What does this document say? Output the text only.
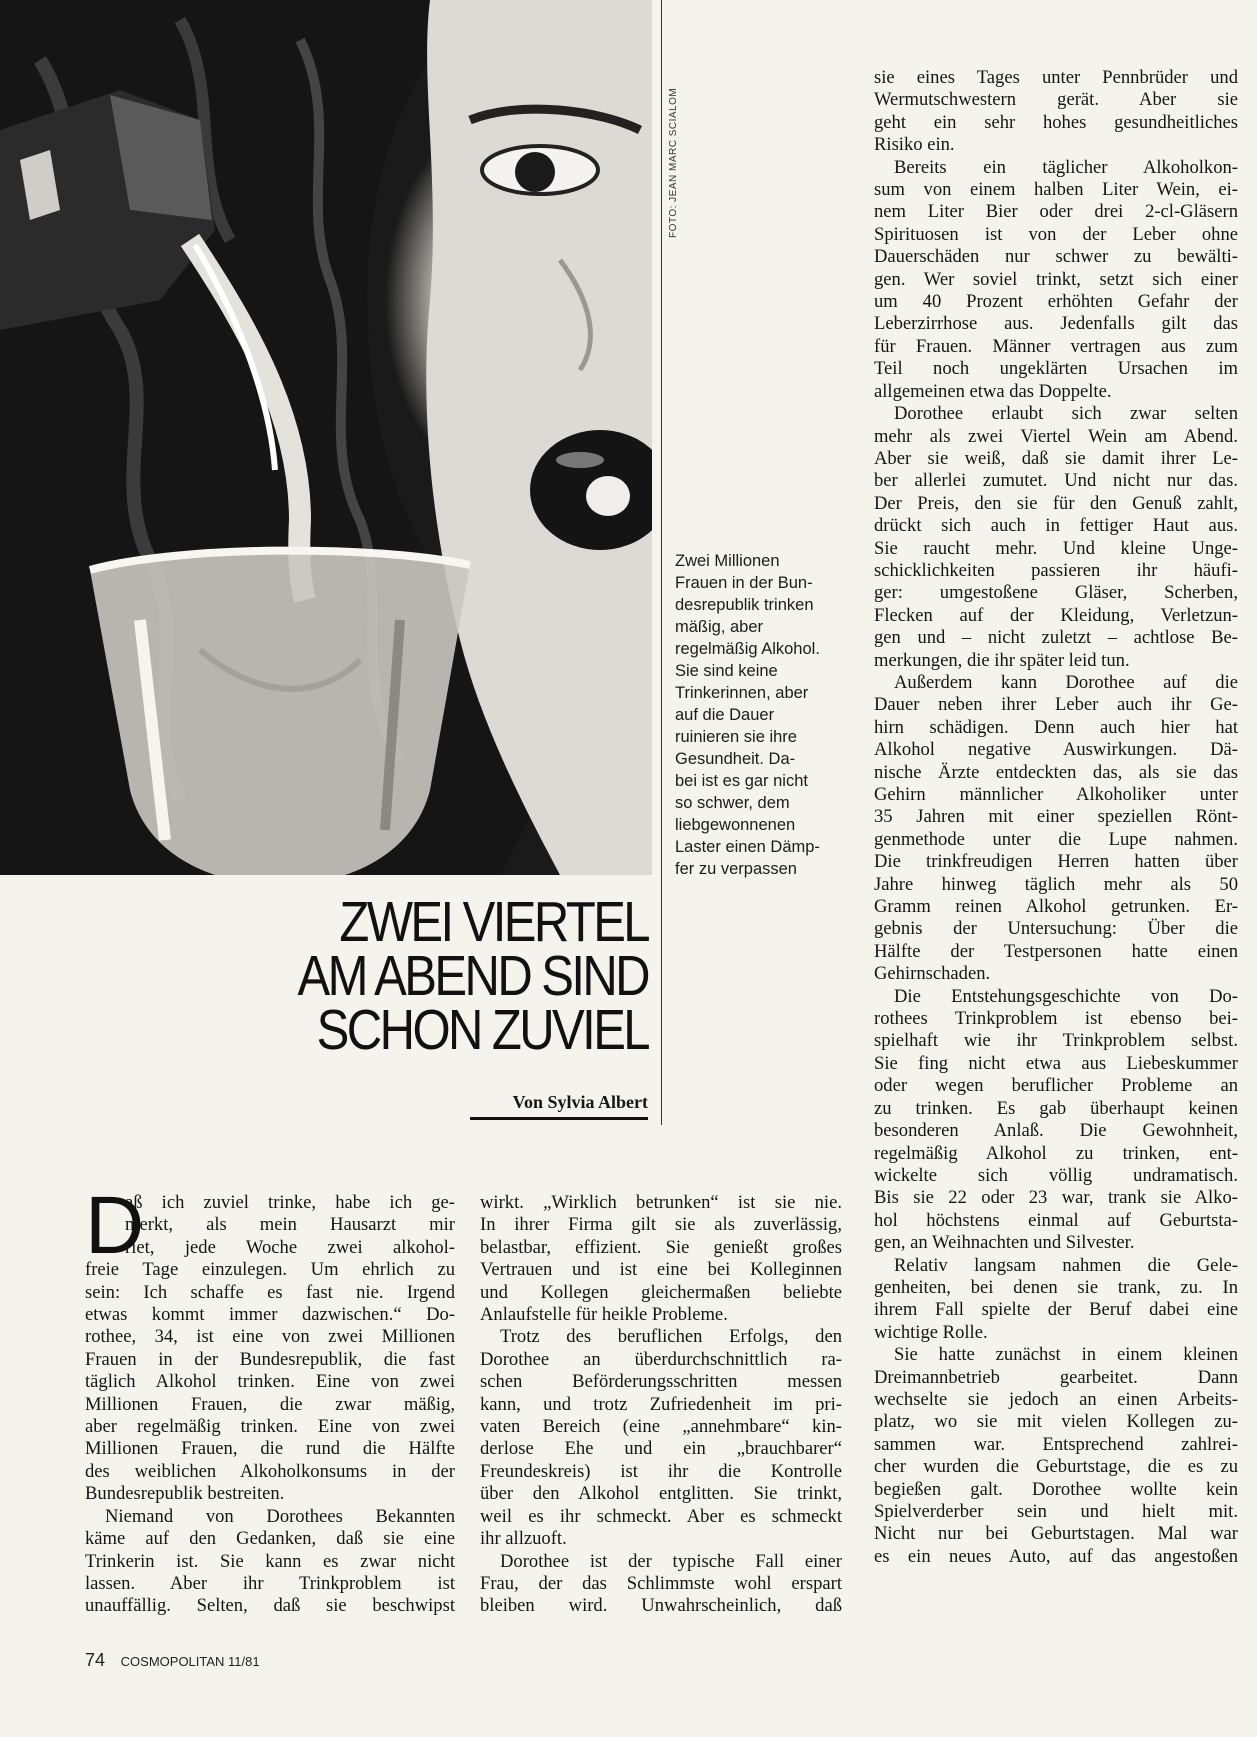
FOTO: JEAN MARC SCIALOM
Zwei Millionen
Frauen in der Bun-
desrepublik trinken
mäßig, aber
regelmäßig Alkohol.
Sie sind keine
Trinkerinnen, aber
auf die Dauer
ruinieren sie ihre
Gesundheit. Da-
bei ist es gar nicht
so schwer, dem
liebgewonnenen
Laster einen Dämp-
fer zu verpassen
ZWEI VIERTEL
AM ABEND SIND
SCHON ZUVIEL
Von Sylvia Albert
D
aß ich zuviel trinke, habe ich ge-
merkt, als mein Hausarzt mir
riet, jede Woche zwei alkohol-
freie Tage einzulegen. Um ehrlich zu
sein: Ich schaffe es fast nie. Irgend
etwas kommt immer dazwischen.“ Do-
rothee, 34, ist eine von zwei Millionen
Frauen in der Bundesrepublik, die fast
täglich Alkohol trinken. Eine von zwei
Millionen Frauen, die zwar mäßig,
aber regelmäßig trinken. Eine von zwei
Millionen Frauen, die rund die Hälfte
des weiblichen Alkoholkonsums in der
Bundesrepublik bestreiten.
Niemand von Dorothees Bekannten
käme auf den Gedanken, daß sie eine
Trinkerin ist. Sie kann es zwar nicht
lassen. Aber ihr Trinkproblem ist
unauffällig. Selten, daß sie beschwipst
wirkt. „Wirklich betrunken“ ist sie nie.
In ihrer Firma gilt sie als zuverlässig,
belastbar, effizient. Sie genießt großes
Vertrauen und ist eine bei Kolleginnen
und Kollegen gleichermaßen beliebte
Anlaufstelle für heikle Probleme.
Trotz des beruflichen Erfolgs, den
Dorothee an überdurchschnittlich ra-
schen Beförderungsschritten messen
kann, und trotz Zufriedenheit im pri-
vaten Bereich (eine „annehmbare“ kin-
derlose Ehe und ein „brauchbarer“
Freundeskreis) ist ihr die Kontrolle
über den Alkohol entglitten. Sie trinkt,
weil es ihr schmeckt. Aber es schmeckt
ihr allzuoft.
Dorothee ist der typische Fall einer
Frau, der das Schlimmste wohl erspart
bleiben wird. Unwahrscheinlich, daß
sie eines Tages unter Pennbrüder und
Wermutschwestern gerät. Aber sie
geht ein sehr hohes gesundheitliches
Risiko ein.
Bereits ein täglicher Alkoholkon-
sum von einem halben Liter Wein, ei-
nem Liter Bier oder drei 2-cl-Gläsern
Spirituosen ist von der Leber ohne
Dauerschäden nur schwer zu bewälti-
gen. Wer soviel trinkt, setzt sich einer
um 40 Prozent erhöhten Gefahr der
Leberzirrhose aus. Jedenfalls gilt das
für Frauen. Männer vertragen aus zum
Teil noch ungeklärten Ursachen im
allgemeinen etwa das Doppelte.
Dorothee erlaubt sich zwar selten
mehr als zwei Viertel Wein am Abend.
Aber sie weiß, daß sie damit ihrer Le-
ber allerlei zumutet. Und nicht nur das.
Der Preis, den sie für den Genuß zahlt,
drückt sich auch in fettiger Haut aus.
Sie raucht mehr. Und kleine Unge-
schicklichkeiten passieren ihr häufi-
ger: umgestoßene Gläser, Scherben,
Flecken auf der Kleidung, Verletzun-
gen und – nicht zuletzt – achtlose Be-
merkungen, die ihr später leid tun.
Außerdem kann Dorothee auf die
Dauer neben ihrer Leber auch ihr Ge-
hirn schädigen. Denn auch hier hat
Alkohol negative Auswirkungen. Dä-
nische Ärzte entdeckten das, als sie das
Gehirn männlicher Alkoholiker unter
35 Jahren mit einer speziellen Rönt-
genmethode unter die Lupe nahmen.
Die trinkfreudigen Herren hatten über
Jahre hinweg täglich mehr als 50
Gramm reinen Alkohol getrunken. Er-
gebnis der Untersuchung: Über die
Hälfte der Testpersonen hatte einen
Gehirnschaden.
Die Entstehungsgeschichte von Do-
rothees Trinkproblem ist ebenso bei-
spielhaft wie ihr Trinkproblem selbst.
Sie fing nicht etwa aus Liebeskummer
oder wegen beruflicher Probleme an
zu trinken. Es gab überhaupt keinen
besonderen Anlaß. Die Gewohnheit,
regelmäßig Alkohol zu trinken, ent-
wickelte sich völlig undramatisch.
Bis sie 22 oder 23 war, trank sie Alko-
hol höchstens einmal auf Geburtsta-
gen, an Weihnachten und Silvester.
Relativ langsam nahmen die Gele-
genheiten, bei denen sie trank, zu. In
ihrem Fall spielte der Beruf dabei eine
wichtige Rolle.
Sie hatte zunächst in einem kleinen
Dreimannbetrieb gearbeitet. Dann
wechselte sie jedoch an einen Arbeits-
platz, wo sie mit vielen Kollegen zu-
sammen war. Entsprechend zahlrei-
cher wurden die Geburtstage, die es zu
begießen galt. Dorothee wollte kein
Spielverderber sein und hielt mit.
Nicht nur bei Geburtstagen. Mal war
es ein neues Auto, auf das angestoßen
74 COSMOPOLITAN 11/81
